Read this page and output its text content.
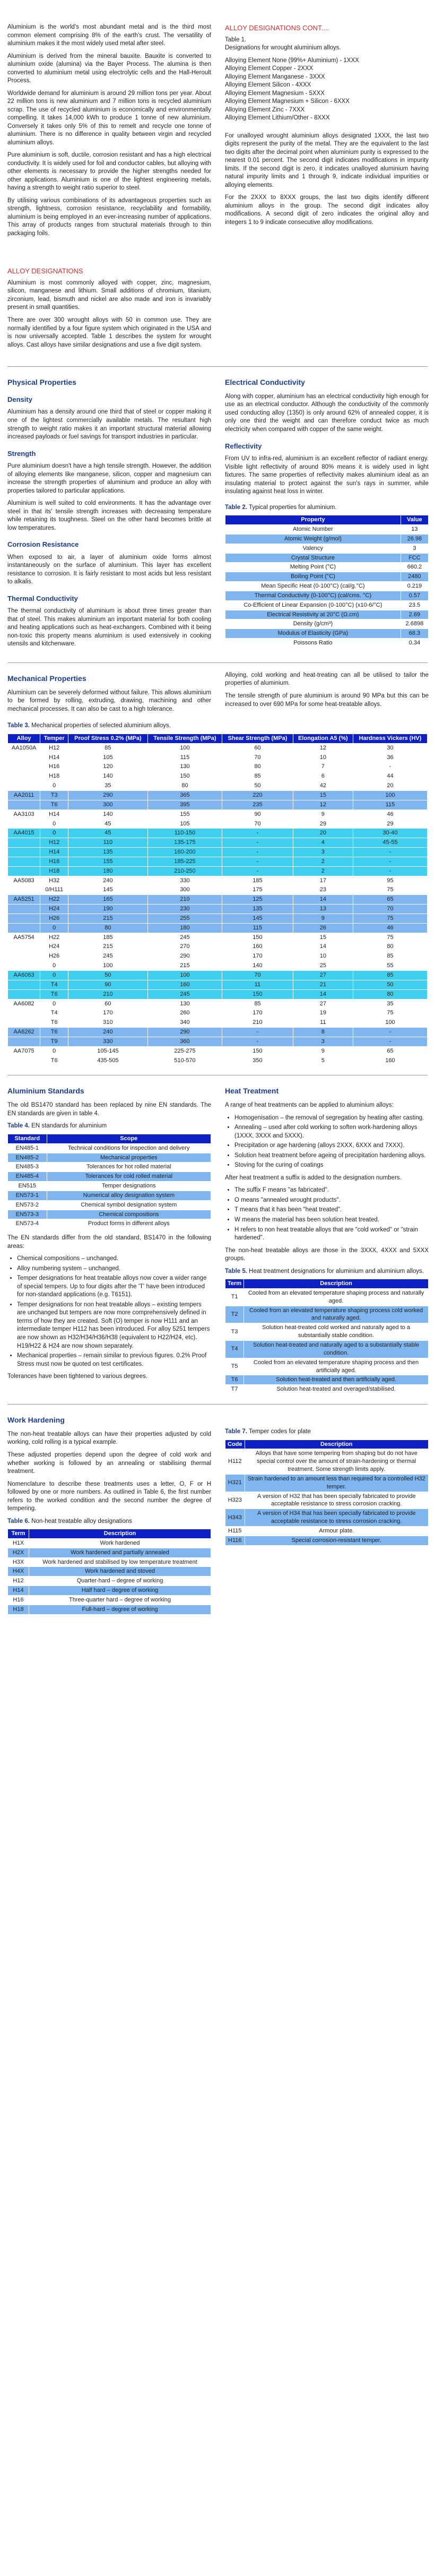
Aluminium is the world's most abundant metal and is the third most common element comprising 8% of the earth's crust. The versatility of aluminium makes it the most widely used metal after steel.

Aluminium is derived from the mineral bauxite. Bauxite is converted to aluminium oxide (alumina) via the Bayer Process. The alumina is then converted to aluminium metal using electrolytic cells and the Hall-Heroult Process.

Worldwide demand for aluminium is around 29 million tons per year. About 22 million tons is new aluminium and 7 million tons is recycled aluminium scrap. The use of recycled aluminium is economically and environmentally compelling. It takes 14,000 kWh to produce 1 tonne of new aluminium. Conversely it takes only 5% of this to remelt and recycle one tonne of aluminium. There is no difference in quality between virgin and recycled aluminium alloys.

Pure aluminium is soft, ductile, corrosion resistant and has a high electrical conductivity. It is widely used for foil and conductor cables, but alloying with other elements is necessary to provide the higher strengths needed for other applications. Aluminium is one of the lightest engineering metals, having a strength to weight ratio superior to steel.

By utilising various combinations of its advantageous properties such as strength, lightness, corrosion resistance, recyclability and formability, aluminium is being employed in an ever-increasing number of applications. This array of products ranges from structural materials through to thin packaging foils.

ALLOY DESIGNATIONS

Aluminium is most commonly alloyed with copper, zinc, magnesium, silicon, manganese and lithium. Small additions of chromium, titanium, zirconium, lead, bismuth and nickel are also made and iron is invariably present in small quantities.

There are over 300 wrought alloys with 50 in common use. They are normally identified by a four figure system which originated in the USA and is now universally accepted. Table 1 describes the system for wrought alloys. Cast alloys have similar designations and use a five digit system.

ALLOY DESIGNATIONS CONT....

Table 1.

Designations for wrought aluminium alloys.

Alloying Element None (99%+ Aluminium) - 1XXX

Alloying Element Copper - 2XXX

Alloying Element Manganese - 3XXX

Alloying Element Silicon - 4XXX

Alloying Element Magnesium - 5XXX

Alloying Element Magnesium + Silicon - 6XXX

Alloying Element Zinc - 7XXX

Alloying Element Lithium/Other - 8XXX

For unalloyed wrought aluminium alloys designated 1XXX, the last two digits represent the purity of the metal. They are the equivalent to the last two digits after the decimal point when aluminium purity is expressed to the nearest 0.01 percent. The second digit indicates modifications in impurity limits. If the second digit is zero, it indicates unalloyed aluminium having natural impurity limits and 1 through 9, indicate individual impurities or alloying elements.

For the 2XXX to 8XXX groups, the last two digits identify different aluminium alloys in the group. The second digit indicates alloy modifications. A second digit of zero indicates the original alloy and integers 1 to 9 indicate consecutive alloy modifications.

Physical Properties
Density

Aluminium has a density around one third that of steel or copper making it one of the lightest commercially available metals. The resultant high strength to weight ratio makes it an important structural material allowing increased payloads or fuel savings for transport industries in particular.

Strength

Pure aluminium doesn't have a high tensile strength. However, the addition of alloying elements like manganese, silicon, copper and magnesium can increase the strength properties of aluminium and produce an alloy with properties tailored to particular applications.

Aluminium is well suited to cold environments. It has the advantage over steel in that its' tensile strength increases with decreasing temperature while retaining its toughness. Steel on the other hand becomes brittle at low temperatures.

Corrosion Resistance

When exposed to air, a layer of aluminium oxide forms almost instantaneously on the surface of aluminium. This layer has excellent resistance to corrosion. It is fairly resistant to most acids but less resistant to alkalis.

Thermal Conductivity

The thermal conductivity of aluminium is about three times greater than that of steel. This makes aluminium an important material for both cooling and heating applications such as heat-exchangers. Combined with it being non-toxic this property means aluminium is used extensively in cooking utensils and kitchenware.

Electrical Conductivity

Along with copper, aluminium has an electrical conductivity high enough for use as an electrical conductor. Although the conductivity of the commonly used conducting alloy (1350) is only around 62% of annealed copper, it is only one third the weight and can therefore conduct twice as much electricity when compared with copper of the same weight.

Reflectivity

From UV to infra-red, aluminium is an excellent reflector of radiant energy. Visible light reflectivity of around 80% means it is widely used in light fixtures. The same properties of reflectivity makes aluminium ideal as an insulating material to protect against the sun's rays in summer, while insulating against heat loss in winter.

Table 2. Typical properties for aluminium.
Property	Value
Atomic Number	13
Atomic Weight (g/mol)	26.98
Valency	3
Crystal Structure	FCC
Melting Point (°C)	660.2
Boiling Point (°C)	2480
Mean Specific Heat (0-100°C) (cal/g.°C)	0.219
Thermal Conductivity (0-100°C) (cal/cms. °C)	0.57
Co-Efficient of Linear Expansion (0-100°C) (x10-6/°C)	23.5
Electrical Resistivity at 20°C (Ω.cm)	2.69
Density (g/cm³)	2.6898
Modulus of Elasticity (GPa)	68.3
Poissons Ratio	0.34
Mechanical Properties

Aluminium can be severely deformed without failure. This allows aluminium to be formed by rolling, extruding, drawing, machining and other mechanical processes. It can also be cast to a high tolerance.

Alloying, cold working and heat-treating can all be utilised to tailor the properties of aluminium.

The tensile strength of pure aluminium is around 90 MPa but this can be increased to over 690 MPa for some heat-treatable alloys.

Table 3. Mechanical properties of selected aluminium alloys.
Alloy	Temper	Proof Stress 0.2% (MPa)	Tensile Strength (MPa)	Shear Strength (MPa)	Elongation A5 (%)	Hardness Vickers (HV)
AA1050A	H12	85	100	60	12	30
	H14	105	115	70	10	36
	H16	120	130	80	7	-
	H18	140	150	85	6	44
	0	35	80	50	42	20
AA2011	T3	290	365	220	15	100
	T6	300	395	235	12	115
AA3103	H14	140	155	90	9	46
	0	45	105	70	29	29
AA4015	0	45	110-150	-	20	30-40
	H12	110	135-175	-	4	45-55
	H14	135	160-200	-	3	-
	H16	155	185-225	-	2	-
	H18	180	210-250	-	2	-
AA5083	H32	240	330	185	17	95
	0/H111	145	300	175	23	75
AA5251	H22	165	210	125	14	65
	H24	190	230	135	13	70
	H26	215	255	145	9	75
	0	80	180	115	26	46
AA5754	H22	185	245	150	15	75
	H24	215	270	160	14	80
	H26	245	290	170	10	85
	0	100	215	140	25	55
AA6063	0	50	100	70	27	85
	T4	90	160	11	21	50
	T6	210	245	150	14	80
AA6082	0	60	130	85	27	35
	T4	170	260	170	19	75
	T6	310	340	210	11	100
AA6262	T6	240	290	-	8	-
	T9	330	360	-	3	-
AA7075	0	105-145	225-275	150	9	65
	T6	435-505	510-570	350	5	160
Aluminium Standards

The old BS1470 standard has been replaced by nine EN standards. The EN standards are given in table 4.

Table 4. EN standards for aluminium
Standard	Scope
EN485-1	Technical conditions for inspection and delivery
EN485-2	Mechanical properties
EN485-3	Tolerances for hot rolled material
EN485-4	Tolerances for cold rolled material
EN515	Temper designations
EN573-1	Numerical alloy designation system
EN573-2	Chemical symbol designation system
EN573-3	Chemical compositions
EN573-4	Product forms in different alloys

The EN standards differ from the old standard, BS1470 in the following areas:

• Chemical compositions – unchanged.
• Alloy numbering system – unchanged.
• Temper designations for heat treatable alloys now cover a wider range of special tempers. Up to four digits after the 'T' have been introduced for non-standard applications (e.g. T6151).
• Temper designations for non heat treatable alloys – existing tempers are unchanged but tempers are now more comprehensively defined in terms of how they are created. Soft (O) temper is now H111 and an intermediate temper H112 has been introduced. For alloy 5251 tempers are now shown as H32/H34/H36/H38 (equivalent to H22/H24, etc). H19/H22 & H24 are now shown separately.
• Mechanical properties – remain similar to previous figures. 0.2% Proof Stress must now be quoted on test certificates.

Tolerances have been tightened to various degrees.

Heat Treatment

A range of heat treatments can be applied to aluminium alloys:

• Homogenisation – the removal of segregation by heating after casting.
• Annealing – used after cold working to soften work-hardening alloys (1XXX, 3XXX and 5XXX).
• Precipitation or age hardening (alloys 2XXX, 6XXX and 7XXX).
• Solution heat treatment before ageing of precipitation hardening alloys.
• Stoving for the curing of coatings

After heat treatment a suffix is added to the designation numbers.

• The suffix F means "as fabricated".
• O means "annealed wrought products".
• T means that it has been "heat treated".
• W means the material has been solution heat treated.
• H refers to non heat treatable alloys that are "cold worked" or "strain hardened".

The non-heat treatable alloys are those in the 3XXX, 4XXX and 5XXX groups.

Table 5. Heat treatment designations for aluminium and aluminium alloys.
Term	Description
T1	Cooled from an elevated temperature shaping process and naturally aged.
T2	Cooled from an elevated temperature shaping process cold worked and naturally aged.
T3	Solution heat-treated cold worked and naturally aged to a substantially stable condition.
T4	Solution heat-treated and naturally aged to a substantially stable condition.
T5	Cooled from an elevated temperature shaping process and then artificially aged.
T6	Solution heat-treated and then artificially aged.
T7	Solution heat-treated and overaged/stabilised.
Work Hardening

The non-heat treatable alloys can have their properties adjusted by cold working, cold rolling is a typical example.

These adjusted properties depend upon the degree of cold work and whether working is followed by an annealing or stabilising thermal treatment.

Nomenclature to describe these treatments uses a letter, O, F or H followed by one or more numbers. As outlined in Table 6, the first number refers to the worked condition and the second number the degree of tempering.

Table 6. Non-heat treatable alloy designations
Term	Description
H1X	Work hardened
H2X	Work hardened and partially annealed
H3X	Work hardened and stabilised by low temperature treatment
H4X	Work hardened and stoved
H12	Quarter-hard – degree of working
H14	Half hard – degree of working
H16	Three-quarter hard – degree of working
H18	Full-hard – degree of working
Table 7. Temper codes for plate
Code	Description
H112	Alloys that have some tempering from shaping but do not have special control over the amount of strain-hardening or thermal treatment. Some strength limits apply.
H321	Strain hardened to an amount less than required for a controlled H32 temper.
H323	A version of H32 that has been specially fabricated to provide acceptable resistance to stress corrosion cracking.
H343	A version of H34 that has been specially fabricated to provide acceptable resistance to stress corrosion cracking.
H115	Armour plate.
H116	Special corrosion-resistant temper.
